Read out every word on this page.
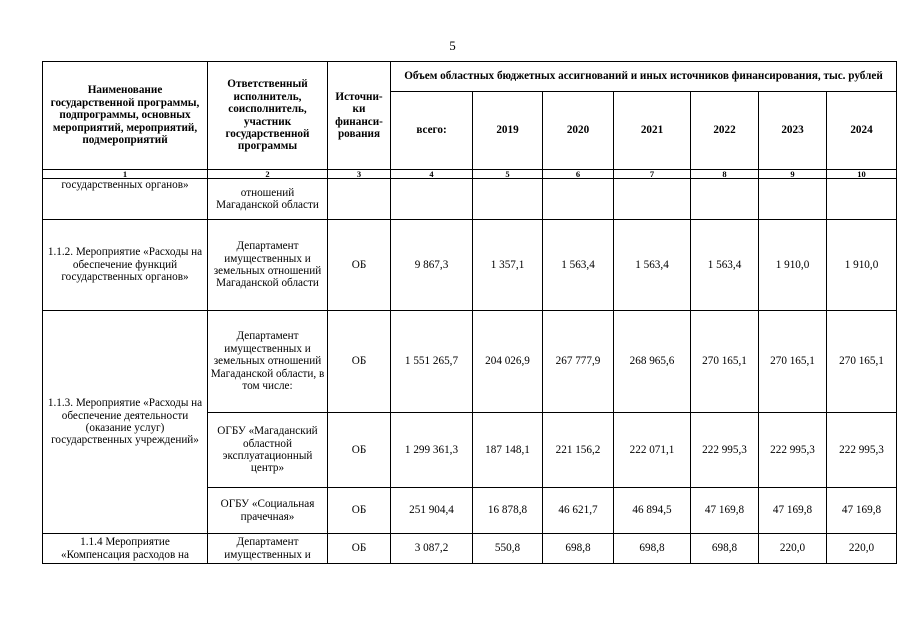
5
Наименование государственной программы, подпрограммы, основных мероприятий, мероприятий, подмероприятий	Ответственный исполнитель, соисполнитель, участник государственной программы	Источни-ки финанси-рования	Объем областных бюджетных ассигнований и иных источников финансирования, тыс. рублей						
			всего:	2019	2020	2021	2022	2023	2024
1	2	3	4	5	6	7	8	9	10
государственных органов»	отношений Магаданской области								
1.1.2. Мероприятие «Расходы на обеспечение функций государственных органов»	Департамент имущественных и земельных отношений Магаданской области	ОБ	9 867,3	1 357,1	1 563,4	1 563,4	1 563,4	1 910,0	1 910,0
1.1.3. Мероприятие «Расходы на обеспечение деятельности (оказание услуг) государственных учреждений»	Департамент имущественных и земельных отношений Магаданской области, в том числе:	ОБ	1 551 265,7	204 026,9	267 777,9	268 965,6	270 165,1	270 165,1	270 165,1
	ОГБУ «Магаданский областной эксплуатационный центр»	ОБ	1 299 361,3	187 148,1	221 156,2	222 071,1	222 995,3	222 995,3	222 995,3
	ОГБУ «Социальная прачечная»	ОБ	251 904,4	16 878,8	46 621,7	46 894,5	47 169,8	47 169,8	47 169,8
1.1.4 Мероприятие «Компенсация расходов на	Департамент имущественных и	ОБ	3 087,2	550,8	698,8	698,8	698,8	220,0	220,0
